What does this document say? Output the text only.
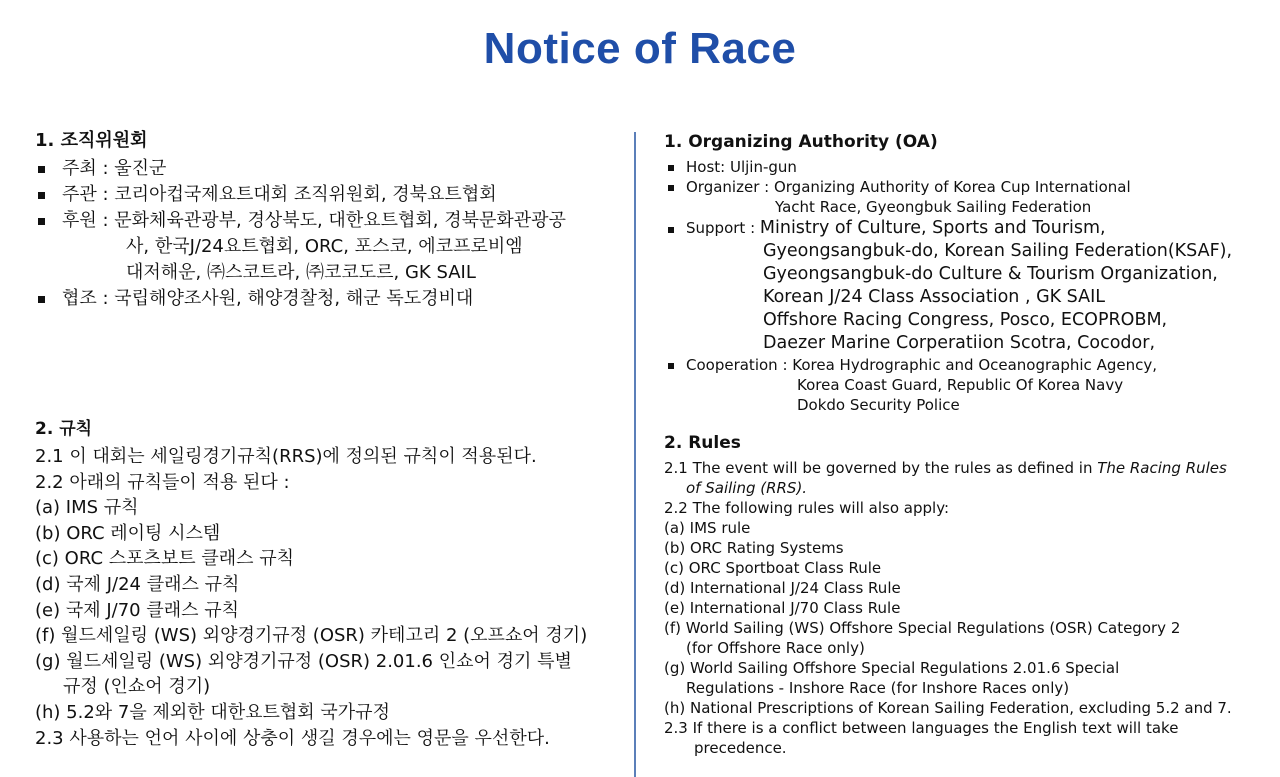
Notice of Race
1. 조직위원회
주최 : 울진군
주관 : 코리아컵국제요트대회 조직위원회, 경북요트협회
후원 : 문화체육관광부, 경상북도, 대한요트협회, 경북문화관광공
사, 한국J/24요트협회, ORC, 포스코, 에코프로비엠
대저해운, ㈜스코트라, ㈜코코도르, GK SAIL
협조 : 국립해양조사원, 해양경찰청, 해군 독도경비대
2. 규칙
2.1 이 대회는 세일링경기규칙(RRS)에 정의된 규칙이 적용된다.
2.2 아래의 규칙들이 적용 된다 :
(a) IMS 규칙
(b) ORC 레이팅 시스템
(c) ORC 스포츠보트 클래스 규칙
(d) 국제 J/24 클래스 규칙
(e) 국제 J/70 클래스 규칙
(f) 월드세일링 (WS) 외양경기규정 (OSR) 카테고리 2 (오프쇼어 경기)
(g) 월드세일링 (WS) 외양경기규정 (OSR) 2.01.6 인쇼어 경기 특별
규정 (인쇼어 경기)
(h) 5.2와 7을 제외한 대한요트협회 국가규정
2.3 사용하는 언어 사이에 상충이 생길 경우에는 영문을 우선한다.
1. Organizing Authority (OA)
Host: Uljin-gun
Organizer : Organizing Authority of Korea Cup International
Yacht Race, Gyeongbuk Sailing Federation
Support : Ministry of Culture, Sports and Tourism,
Gyeongsangbuk-do, Korean Sailing Federation(KSAF),
Gyeongsangbuk-do Culture & Tourism Organization,
Korean J/24 Class Association , GK SAIL
Offshore Racing Congress, Posco, ECOPROBM,
Daezer Marine Corperatiion Scotra, Cocodor,
Cooperation : Korea Hydrographic and Oceanographic Agency,
Korea Coast Guard, Republic Of Korea Navy
Dokdo Security Police
2. Rules
2.1 The event will be governed by the rules as defined in The Racing Rules
of Sailing (RRS).
2.2 The following rules will also apply:
(a) IMS rule
(b) ORC Rating Systems
(c) ORC Sportboat Class Rule
(d) International J/24 Class Rule
(e) International J/70 Class Rule
(f) World Sailing (WS) Offshore Special Regulations (OSR) Category 2
(for Offshore Race only)
(g) World Sailing Offshore Special Regulations 2.01.6 Special
Regulations - Inshore Race (for Inshore Races only)
(h) National Prescriptions of Korean Sailing Federation, excluding 5.2 and 7.
2.3 If there is a conflict between languages the English text will take
precedence.
